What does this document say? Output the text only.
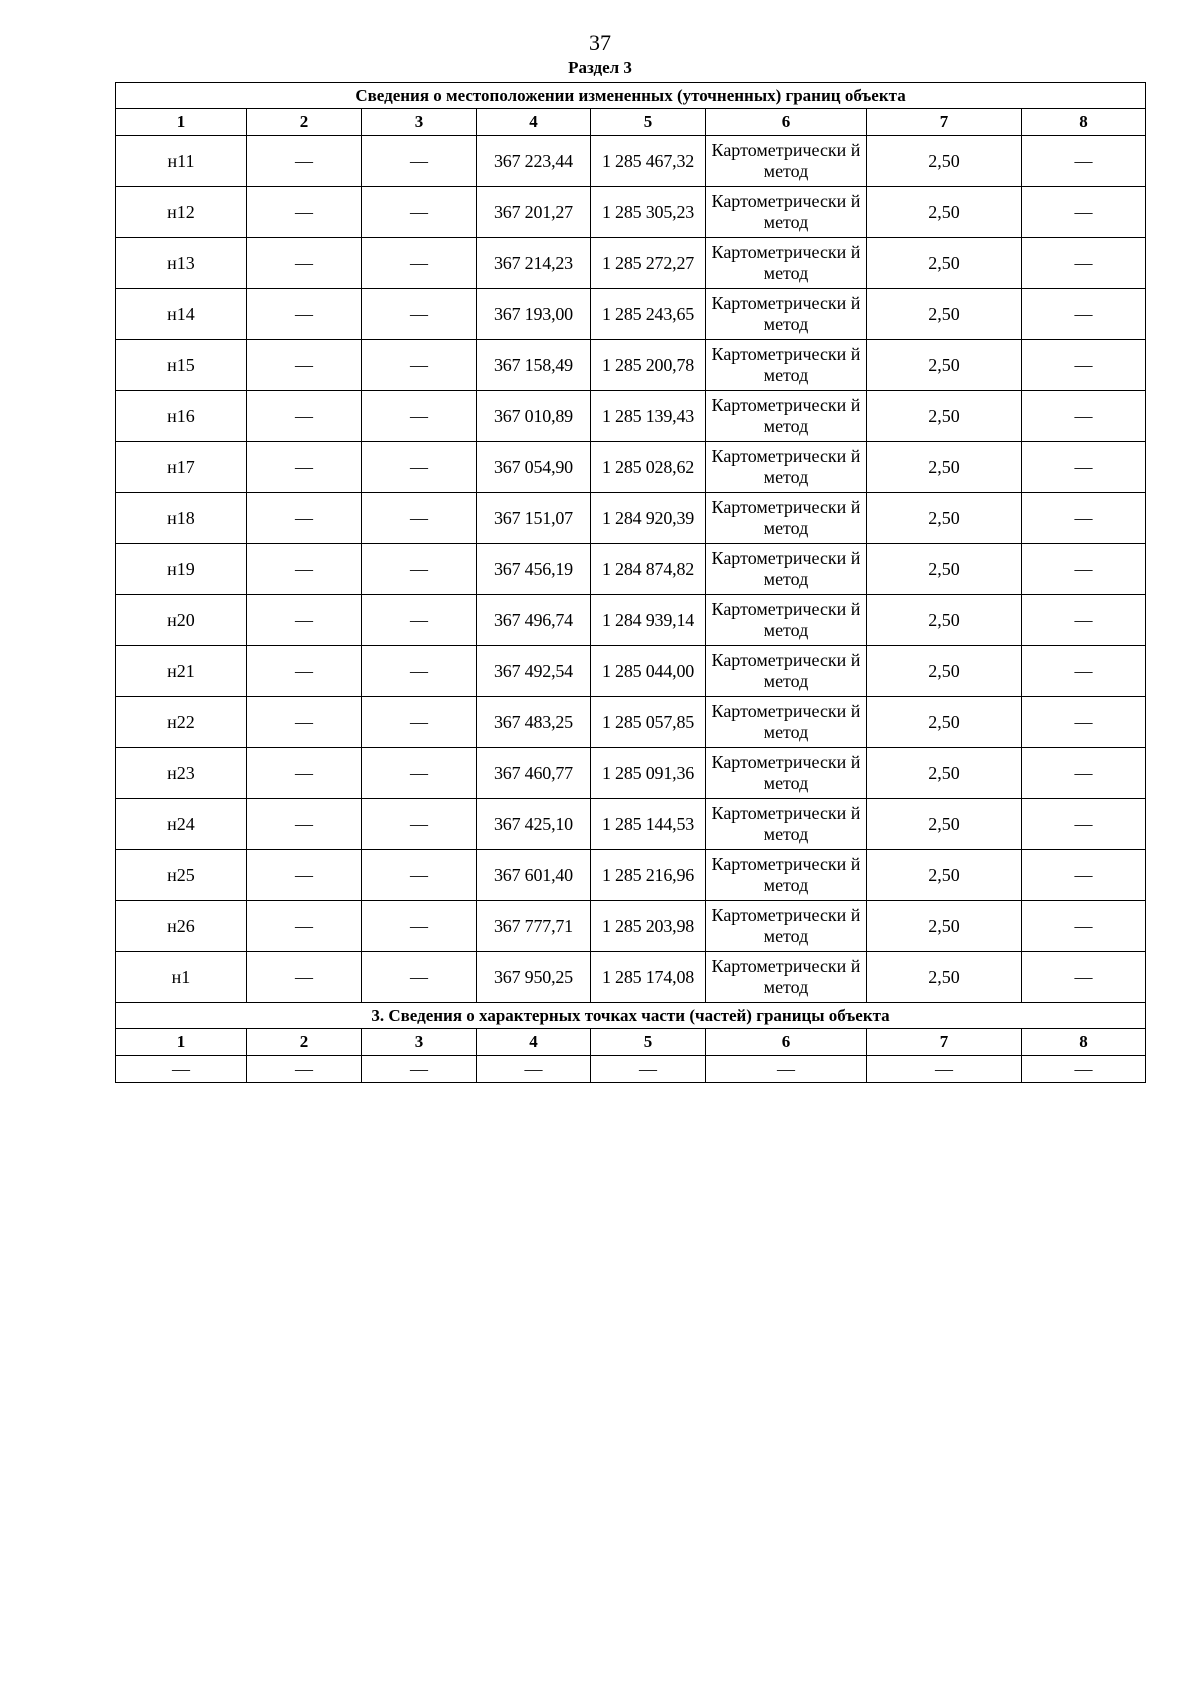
37
Раздел 3
Сведения о местоположении измененных (уточненных) границ объекта							
1	2	3	4	5	6	7	8
н11	—	—	367 223,44	1 285 467,32	Картометрически й метод	2,50	—
н12	—	—	367 201,27	1 285 305,23	Картометрически й метод	2,50	—
н13	—	—	367 214,23	1 285 272,27	Картометрически й метод	2,50	—
н14	—	—	367 193,00	1 285 243,65	Картометрически й метод	2,50	—
н15	—	—	367 158,49	1 285 200,78	Картометрически й метод	2,50	—
н16	—	—	367 010,89	1 285 139,43	Картометрически й метод	2,50	—
н17	—	—	367 054,90	1 285 028,62	Картометрически й метод	2,50	—
н18	—	—	367 151,07	1 284 920,39	Картометрически й метод	2,50	—
н19	—	—	367 456,19	1 284 874,82	Картометрически й метод	2,50	—
н20	—	—	367 496,74	1 284 939,14	Картометрически й метод	2,50	—
н21	—	—	367 492,54	1 285 044,00	Картометрически й метод	2,50	—
н22	—	—	367 483,25	1 285 057,85	Картометрически й метод	2,50	—
н23	—	—	367 460,77	1 285 091,36	Картометрически й метод	2,50	—
н24	—	—	367 425,10	1 285 144,53	Картометрически й метод	2,50	—
н25	—	—	367 601,40	1 285 216,96	Картометрически й метод	2,50	—
н26	—	—	367 777,71	1 285 203,98	Картометрически й метод	2,50	—
н1	—	—	367 950,25	1 285 174,08	Картометрически й метод	2,50	—
3. Сведения о характерных точках части (частей) границы объекта							
1	2	3	4	5	6	7	8
—	—	—	—	—	—	—	—
